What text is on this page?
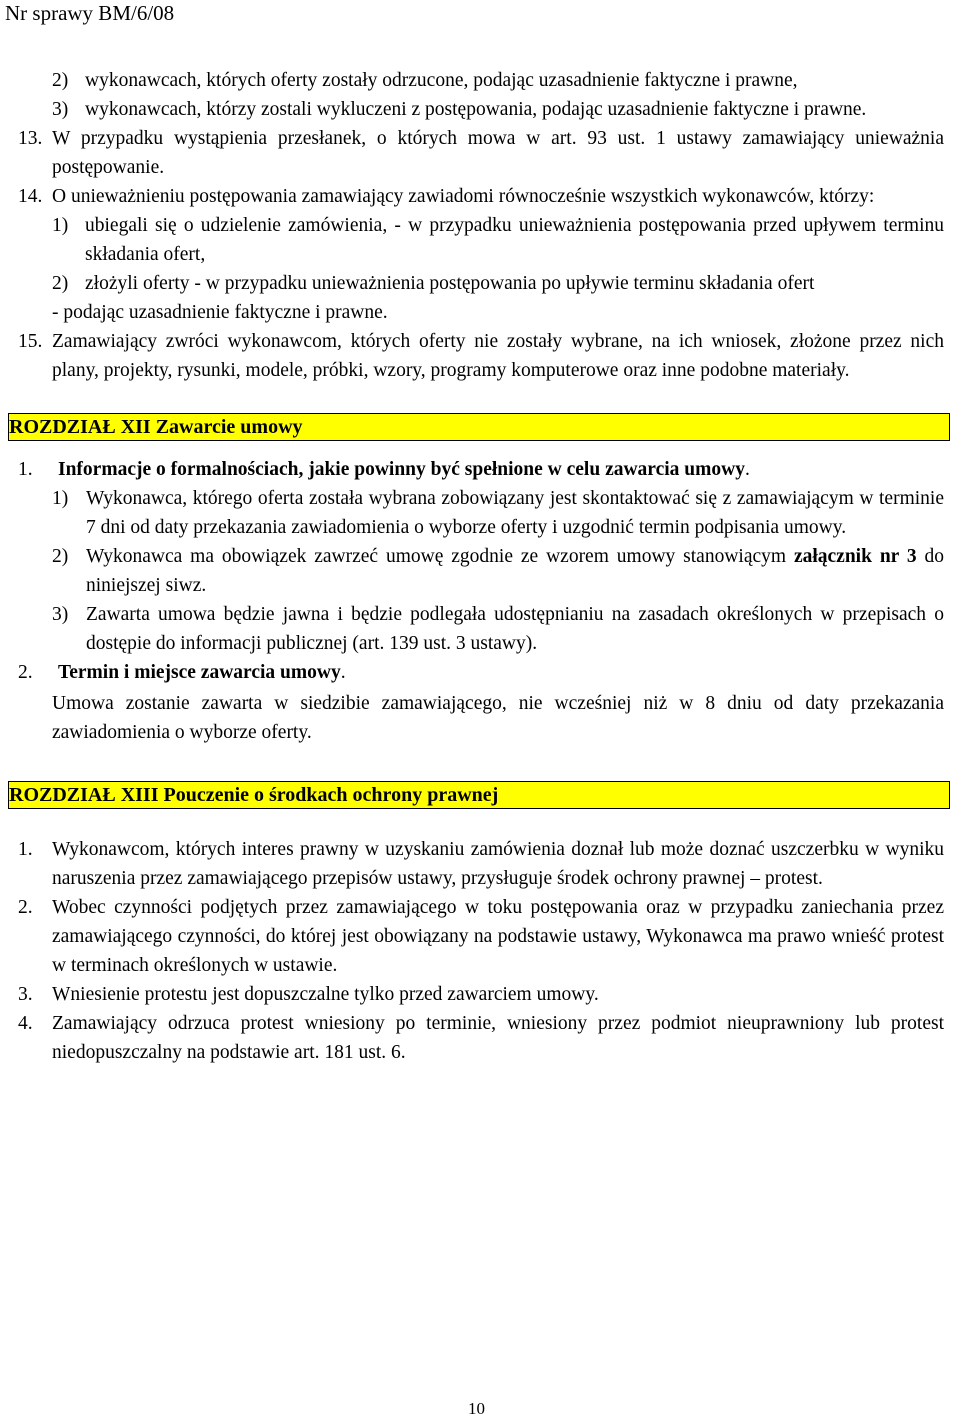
Nr sprawy BM/6/08
2) wykonawcach, których oferty zostały odrzucone, podając uzasadnienie faktyczne i prawne,
3) wykonawcach, którzy zostali wykluczeni z postępowania, podając uzasadnienie faktyczne i prawne.
13. W przypadku wystąpienia przesłanek, o których mowa w art. 93 ust. 1 ustawy zamawiający unieważnia postępowanie.
14. O unieważnieniu postępowania zamawiający zawiadomi równocześnie wszystkich wykonawców, którzy:
1) ubiegali się o udzielenie zamówienia, - w przypadku unieważnienia postępowania przed upływem terminu składania ofert,
2) złożyli oferty - w przypadku unieważnienia postępowania po upływie terminu składania ofert
- podając uzasadnienie faktyczne i prawne.
15. Zamawiający zwróci wykonawcom, których oferty nie zostały wybrane, na ich wniosek, złożone przez nich plany, projekty, rysunki, modele, próbki, wzory, programy komputerowe oraz inne podobne materiały.
ROZDZIAŁ XII Zawarcie umowy
1.	Informacje o formalnościach, jakie powinny być spełnione w celu zawarcia umowy.
1) Wykonawca, którego oferta została wybrana zobowiązany jest skontaktować się z zamawiającym w terminie 7 dni od daty przekazania zawiadomienia o wyborze oferty i uzgodnić termin podpisania umowy.
2) Wykonawca ma obowiązek zawrzeć umowę zgodnie ze wzorem umowy stanowiącym załącznik nr 3 do niniejszej siwz.
3) Zawarta umowa będzie jawna i będzie podlegała udostępnianiu na zasadach określonych w przepisach o dostępie do informacji publicznej (art. 139 ust. 3 ustawy).
2.	Termin i miejsce zawarcia umowy.
Umowa zostanie zawarta w siedzibie zamawiającego, nie wcześniej niż w 8 dniu od daty przekazania zawiadomienia o wyborze oferty.
ROZDZIAŁ XIII Pouczenie o środkach ochrony prawnej
1. Wykonawcom, których interes prawny w uzyskaniu zamówienia doznał lub może doznać uszczerbku w wyniku naruszenia przez zamawiającego przepisów ustawy, przysługuje środek ochrony prawnej – protest.
2. Wobec czynności podjętych przez zamawiającego w toku postępowania oraz w przypadku zaniechania przez zamawiającego czynności, do której jest obowiązany na podstawie ustawy, Wykonawca ma prawo wnieść protest w terminach określonych w ustawie.
3. Wniesienie protestu jest dopuszczalne tylko przed zawarciem umowy.
4. Zamawiający odrzuca protest wniesiony po terminie, wniesiony przez podmiot nieuprawniony lub protest niedopuszczalny na podstawie art. 181 ust. 6.
10
